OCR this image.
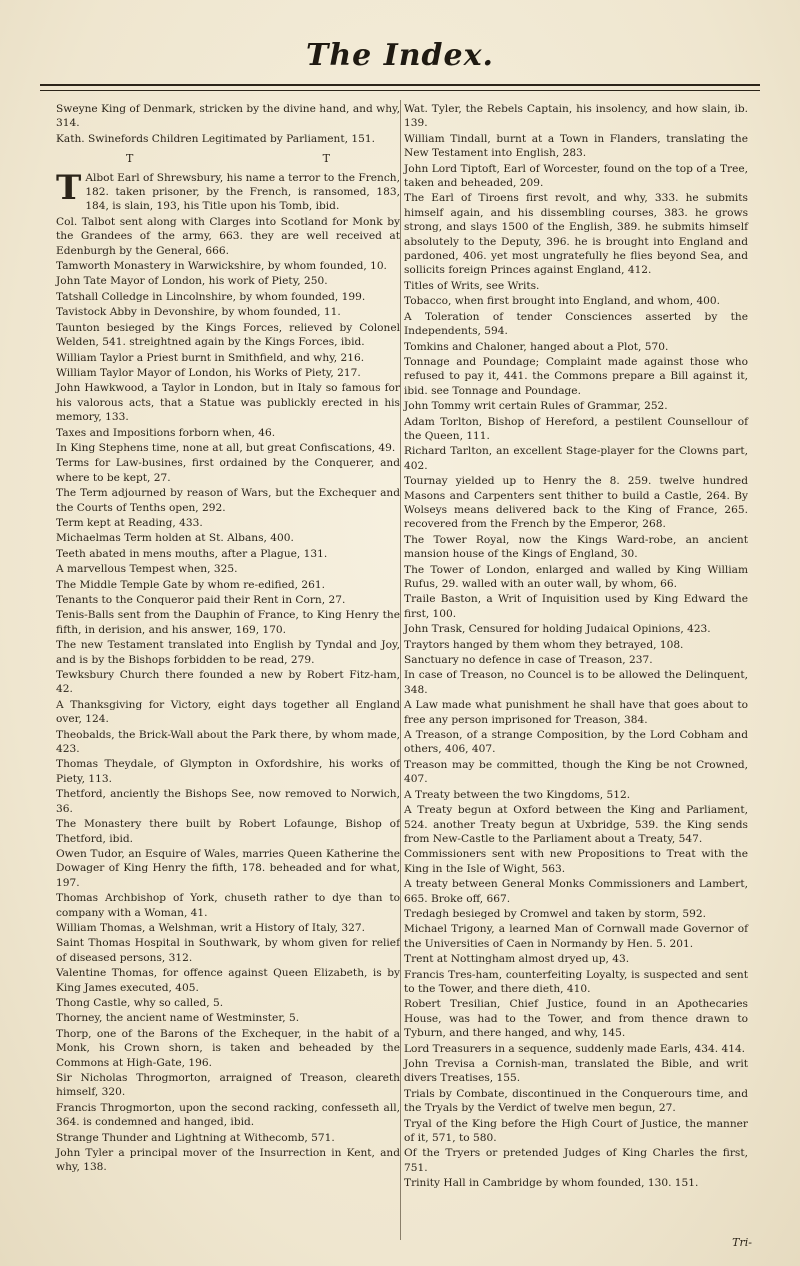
The Index.

Sweyne King of Denmark, stricken by the divine hand, and why, 314.

Kath. Swinefords Children Legitimated by Parliament, 151.

T	T
T Albot Earl of Shrewsbury, his name a terror to the French, 182. taken prisoner, by the French, is ransomed, 183, 184, is slain, 193, his Title upon his Tomb, ibid.

Col. Talbot sent along with Clarges into Scotland for Monk by the Grandees of the army, 663. they are well received at Edenburgh by the General, 666.

Tamworth Monastery in Warwickshire, by whom founded, 10.

John Tate Mayor of London, his work of Piety, 250.

Tatshall Colledge in Lincolnshire, by whom founded, 199.

Tavistock Abby in Devonshire, by whom founded, 11.

Taunton besieged by the Kings Forces, relieved by Colonel Welden, 541. streightned again by the Kings Forces, ibid.

William Taylor a Priest burnt in Smithfield, and why, 216.

William Taylor Mayor of London, his Works of Piety, 217.

John Hawkwood, a Taylor in London, but in Italy so famous for his valorous acts, that a Statue was publickly erected in his memory, 133.

Taxes and Impositions forborn when, 46.

In King Stephens time, none at all, but great Confiscations, 49.

Terms for Law-busines, first ordained by the Conquerer, and where to be kept, 27.

The Term adjourned by reason of Wars, but the Exchequer and the Courts of Tenths open, 292.

Term kept at Reading, 433.

Michaelmas Term holden at St. Albans, 400.

Teeth abated in mens mouths, after a Plague, 131.

A marvellous Tempest when, 325.

The Middle Temple Gate by whom re-edified, 261.

Tenants to the Conqueror paid their Rent in Corn, 27.

Tenis-Balls sent from the Dauphin of France, to King Henry the fifth, in derision, and his answer, 169, 170.

The new Testament translated into English by Tyndal and Joy, and is by the Bishops forbidden to be read, 279.

Tewksbury Church there founded a new by Robert Fitz-ham, 42.

A Thanksgiving for Victory, eight days together all England over, 124.

Theobalds, the Brick-Wall about the Park there, by whom made, 423.

Thomas Theydale, of Glympton in Oxfordshire, his works of Piety, 113.

Thetford, anciently the Bishops See, now removed to Norwich, 36.

The Monastery there built by Robert Lofaunge, Bishop of Thetford, ibid.

Owen Tudor, an Esquire of Wales, marries Queen Katherine the Dowager of King Henry the fifth, 178. beheaded and for what, 197.

Thomas Archbishop of York, chuseth rather to dye than to company with a Woman, 41.

William Thomas, a Welshman, writ a History of Italy, 327.

Saint Thomas Hospital in Southwark, by whom given for relief of diseased persons, 312.

Valentine Thomas, for offence against Queen Elizabeth, is by King James executed, 405.

Thong Castle, why so called, 5.

Thorney, the ancient name of Westminster, 5.

Thorp, one of the Barons of the Exchequer, in the habit of a Monk, his Crown shorn, is taken and beheaded by the Commons at High-Gate, 196.

Sir Nicholas Throgmorton, arraigned of Treason, cleareth himself, 320.

Francis Throgmorton, upon the second racking, confesseth all, 364. is condemned and hanged, ibid.

Strange Thunder and Lightning at Withecomb, 571.

John Tyler a principal mover of the Insurrection in Kent, and why, 138.

Wat. Tyler, the Rebels Captain, his insolency, and how slain, ib. 139.

William Tindall, burnt at a Town in Flanders, translating the New Testament into English, 283.

John Lord Tiptoft, Earl of Worcester, found on the top of a Tree, taken and beheaded, 209.

The Earl of Tiroens first revolt, and why, 333. he submits himself again, and his dissembling courses, 383. he grows strong, and slays 1500 of the English, 389. he submits himself absolutely to the Deputy, 396. he is brought into England and pardoned, 406. yet most ungratefully he flies beyond Sea, and sollicits foreign Princes against England, 412.

Titles of Writs, see Writs.

Tobacco, when first brought into England, and whom, 400.

A Toleration of tender Consciences asserted by the Independents, 594.

Tomkins and Chaloner, hanged about a Plot, 570.

Tonnage and Poundage; Complaint made against those who refused to pay it, 441. the Commons prepare a Bill against it, ibid. see Tonnage and Poundage.

John Tommy writ certain Rules of Grammar, 252.

Adam Torlton, Bishop of Hereford, a pestilent Counsellour of the Queen, 111.

Richard Tarlton, an excellent Stage-player for the Clowns part, 402.

Tournay yielded up to Henry the 8. 259. twelve hundred Masons and Carpenters sent thither to build a Castle, 264. By Wolseys means delivered back to the King of France, 265. recovered from the French by the Emperor, 268.

The Tower Royal, now the Kings Ward-robe, an ancient mansion house of the Kings of England, 30.

The Tower of London, enlarged and walled by King William Rufus, 29. walled with an outer wall, by whom, 66.

Traile Baston, a Writ of Inquisition used by King Edward the first, 100.

John Trask, Censured for holding Judaical Opinions, 423.

Traytors hanged by them whom they betrayed, 108.

Sanctuary no defence in case of Treason, 237.

In case of Treason, no Councel is to be allowed the Delinquent, 348.

A Law made what punishment he shall have that goes about to free any person imprisoned for Treason, 384.

A Treason, of a strange Composition, by the Lord Cobham and others, 406, 407.

Treason may be committed, though the King be not Crowned, 407.

A Treaty between the two Kingdoms, 512.

A Treaty begun at Oxford between the King and Parliament, 524. another Treaty begun at Uxbridge, 539. the King sends from New-Castle to the Parliament about a Treaty, 547.

Commissioners sent with new Propositions to Treat with the King in the Isle of Wight, 563.

A treaty between General Monks Commissioners and Lambert, 665. Broke off, 667.

Tredagh besieged by Cromwel and taken by storm, 592.

Michael Trigony, a learned Man of Cornwall made Governor of the Universities of Caen in Normandy by Hen. 5. 201.

Trent at Nottingham almost dryed up, 43.

Francis Tres-ham, counterfeiting Loyalty, is suspected and sent to the Tower, and there dieth, 410.

Robert Tresilian, Chief Justice, found in an Apothecaries House, was had to the Tower, and from thence drawn to Tyburn, and there hanged, and why, 145.

Lord Treasurers in a sequence, suddenly made Earls, 434. 414.

John Trevisa a Cornish-man, translated the Bible, and writ divers Treatises, 155.

Trials by Combate, discontinued in the Conquerours time, and the Tryals by the Verdict of twelve men begun, 27.

Tryal of the King before the High Court of Justice, the manner of it, 571, to 580.

Of the Tryers or pretended Judges of King Charles the first, 751.

Trinity Hall in Cambridge by whom founded, 130. 151.

Tri-
